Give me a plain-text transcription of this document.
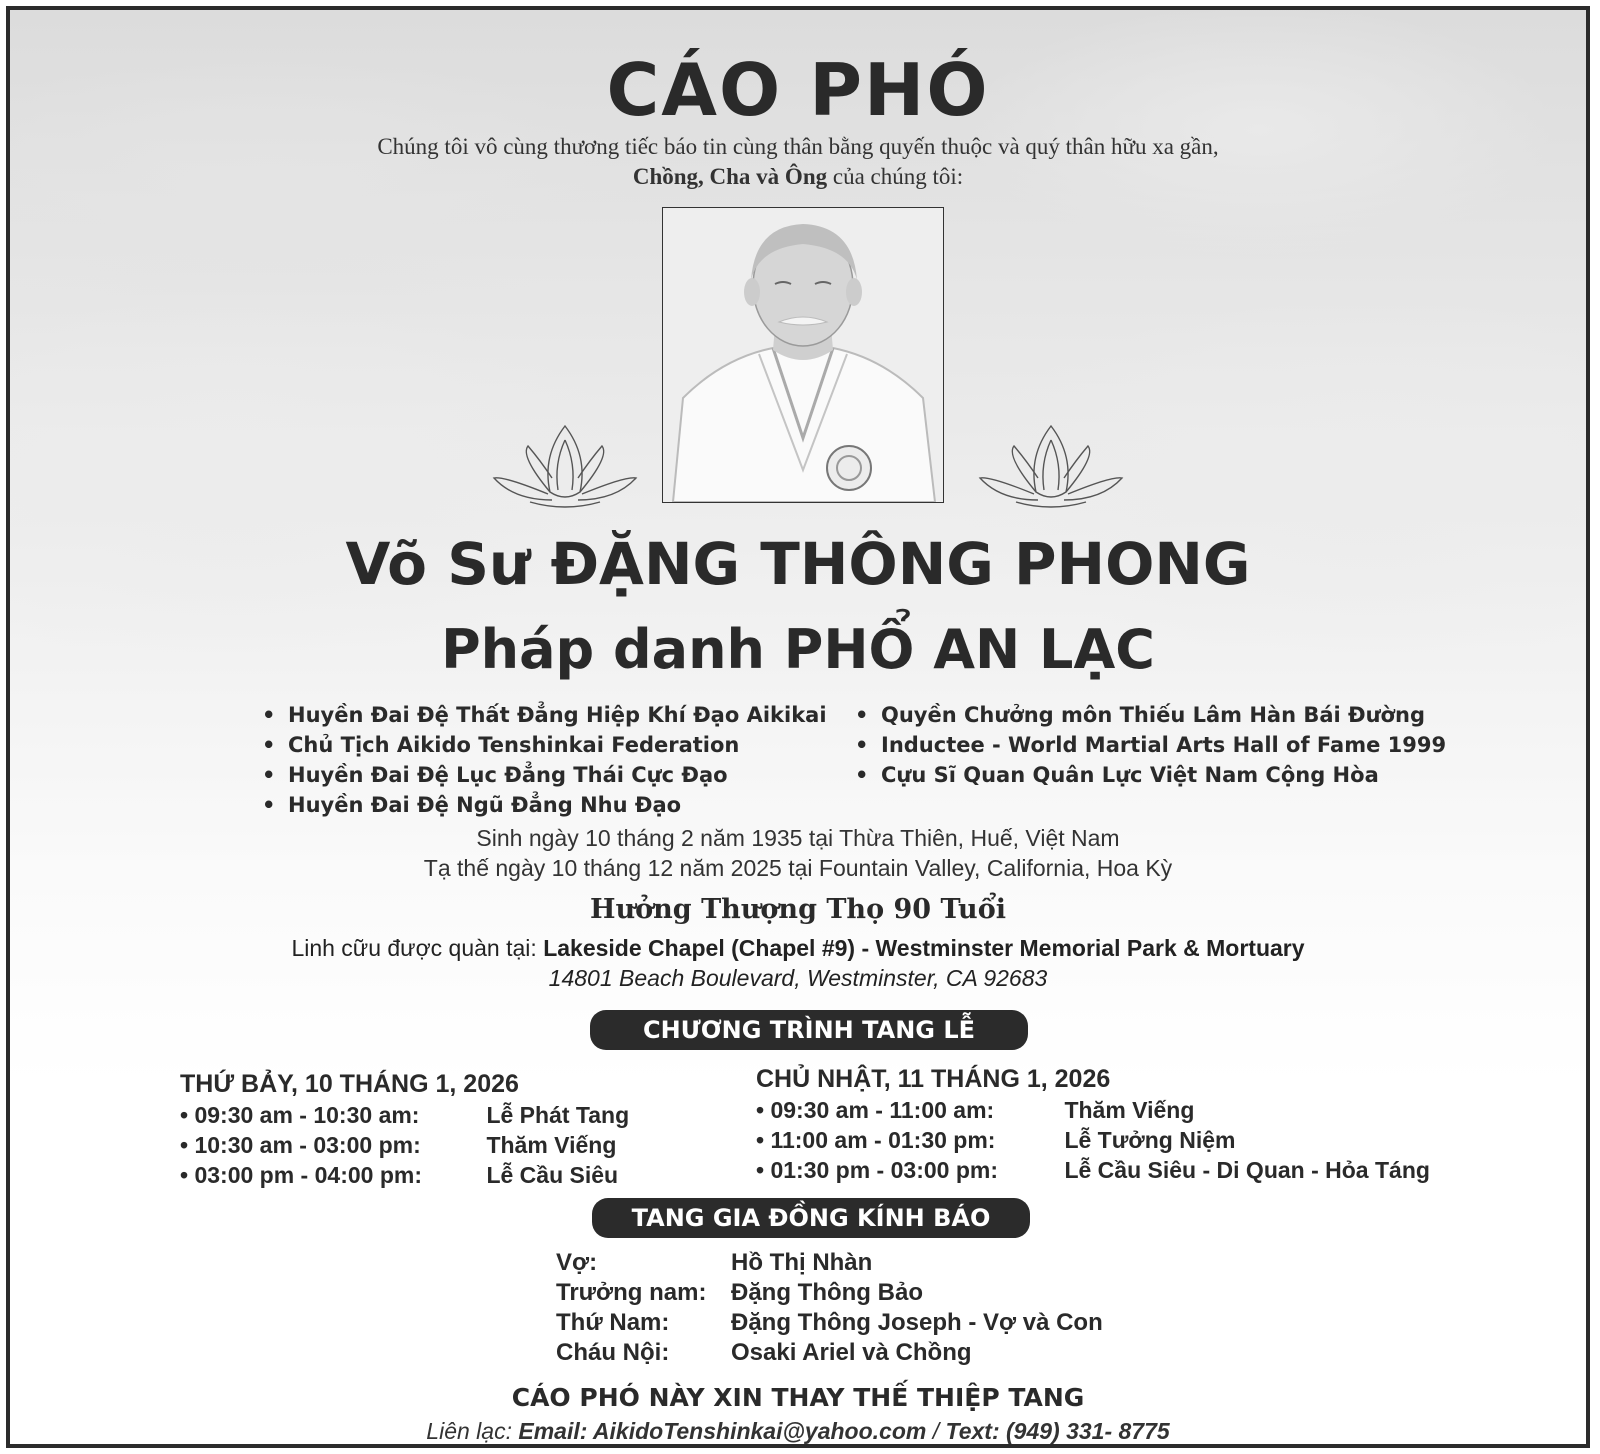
CÁO PHÓ
Chúng tôi vô cùng thương tiếc báo tin cùng thân bằng quyến thuộc và quý thân hữu xa gần,
Chồng, Cha và Ông của chúng tôi:
Võ Sư ĐẶNG THÔNG PHONG
Pháp danh PHỔ AN LẠC
• Huyền Đai Đệ Thất Đẳng Hiệp Khí Đạo Aikikai
• Chủ Tịch Aikido Tenshinkai Federation
• Huyền Đai Đệ Lục Đẳng Thái Cực Đạo
• Huyền Đai Đệ Ngũ Đẳng Nhu Đạo
• Quyền Chưởng môn Thiếu Lâm Hàn Bái Đường
• Inductee - World Martial Arts Hall of Fame 1999
• Cựu Sĩ Quan Quân Lực Việt Nam Cộng Hòa
Sinh ngày 10 tháng 2 năm 1935 tại Thừa Thiên, Huế, Việt Nam
Tạ thế ngày 10 tháng 12 năm 2025 tại Fountain Valley, California, Hoa Kỳ
Hưởng Thượng Thọ 90 Tuổi
Linh cữu được quàn tại: Lakeside Chapel (Chapel #9) - Westminster Memorial Park & Mortuary
14801 Beach Boulevard, Westminster, CA 92683
CHƯƠNG TRÌNH TANG LỄ
THỨ BẢY, 10 THÁNG 1, 2026
• 09:30 am - 10:30 am:	Lễ Phát Tang
• 10:30 am - 03:00 pm:	Thăm Viếng
• 03:00 pm - 04:00 pm:	Lễ Cầu Siêu
CHỦ NHẬT, 11 THÁNG 1, 2026
• 09:30 am - 11:00 am:	Thăm Viếng
• 11:00 am - 01:30 pm:	Lễ Tưởng Niệm
• 01:30 pm - 03:00 pm:	Lễ Cầu Siêu - Di Quan - Hỏa Táng
TANG GIA ĐỒNG KÍNH BÁO
Vợ:	Hồ Thị Nhàn
Trưởng nam: Đặng Thông Bảo
Thứ Nam:	Đặng Thông Joseph - Vợ và Con
Cháu Nội:	Osaki Ariel và Chồng
CÁO PHÓ NÀY XIN THAY THẾ THIỆP TANG
Liên lạc: Email: AikidoTenshinkai@yahoo.com / Text: (949) 331- 8775
